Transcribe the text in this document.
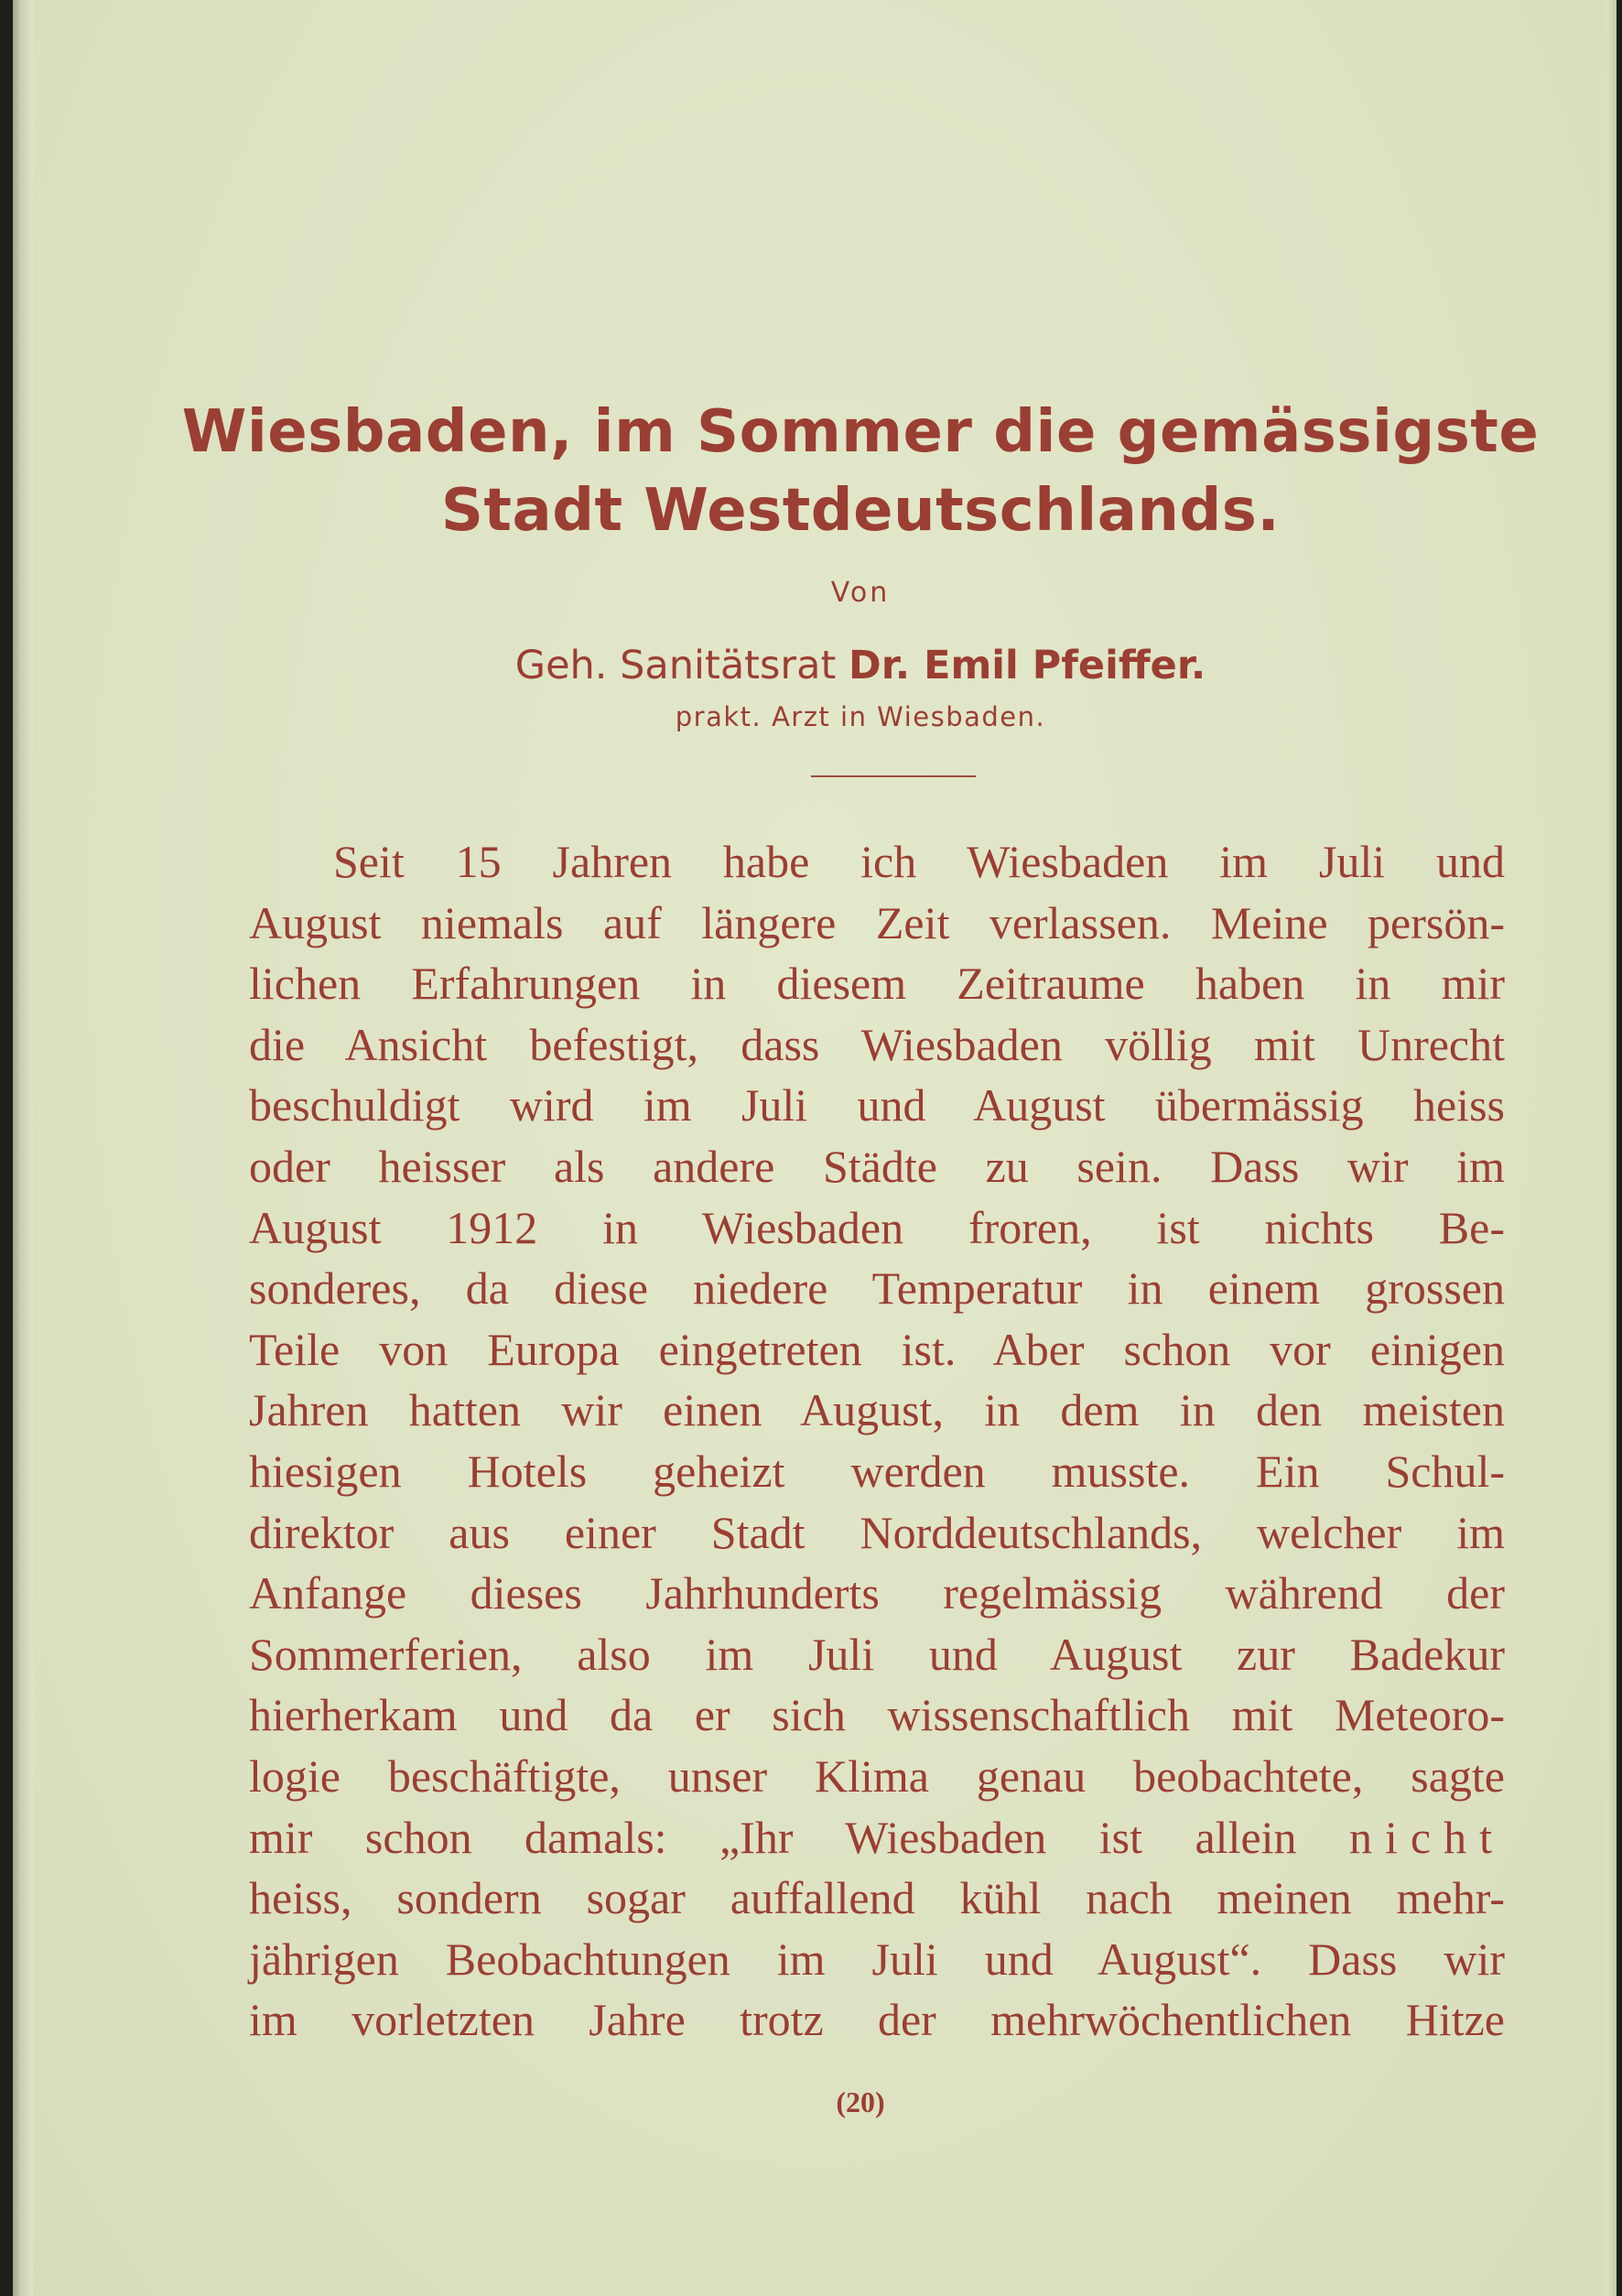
Wiesbaden, im Sommer die gemässigste
Stadt Westdeutschlands.
Von
Geh. Sanitätsrat Dr. Emil Pfeiffer.
prakt. Arzt in Wiesbaden.
Seit 15 Jahren habe ich Wiesbaden im Juli und
August niemals auf längere Zeit verlassen. Meine persön-
lichen Erfahrungen in diesem Zeitraume haben in mir
die Ansicht befestigt, dass Wiesbaden völlig mit Unrecht
beschuldigt wird im Juli und August übermässig heiss
oder heisser als andere Städte zu sein. Dass wir im
August 1912 in Wiesbaden froren, ist nichts Be-
sonderes, da diese niedere Temperatur in einem grossen
Teile von Europa eingetreten ist. Aber schon vor einigen
Jahren hatten wir einen August, in dem in den meisten
hiesigen Hotels geheizt werden musste. Ein Schul-
direktor aus einer Stadt Norddeutschlands, welcher im
Anfange dieses Jahrhunderts regelmässig während der
Sommerferien, also im Juli und August zur Badekur
hierherkam und da er sich wissenschaftlich mit Meteoro-
logie beschäftigte, unser Klima genau beobachtete, sagte
mir schon damals: „Ihr Wiesbaden ist allein nicht
heiss, sondern sogar auffallend kühl nach meinen mehr-
jährigen Beobachtungen im Juli und August“. Dass wir
im vorletzten Jahre trotz der mehrwöchentlichen Hitze
(20)
